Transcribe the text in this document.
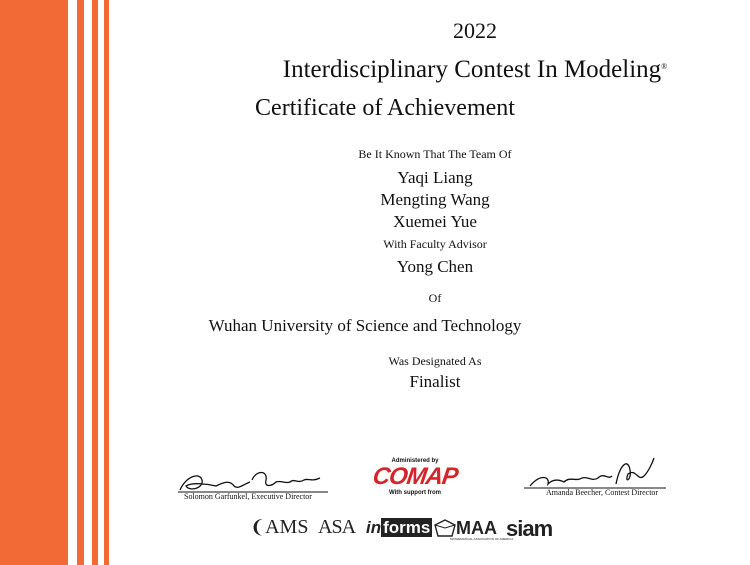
2022
Interdisciplinary Contest In Modeling®
Certificate of Achievement
Be It Known That The Team Of
Yaqi Liang
Mengting Wang
Xuemei Yue
With Faculty Advisor
Yong Chen
Of
Wuhan University of Science and Technology
Was Designated As
Finalist
Solomon Garfunkel, Executive Director	Amanda Beecher, Contest Director
Administered by
COMAP
With support from
❨AMS ASA in forms	MAA
MATHEMATICAL ASSOCIATION OF AMERICA
siam
